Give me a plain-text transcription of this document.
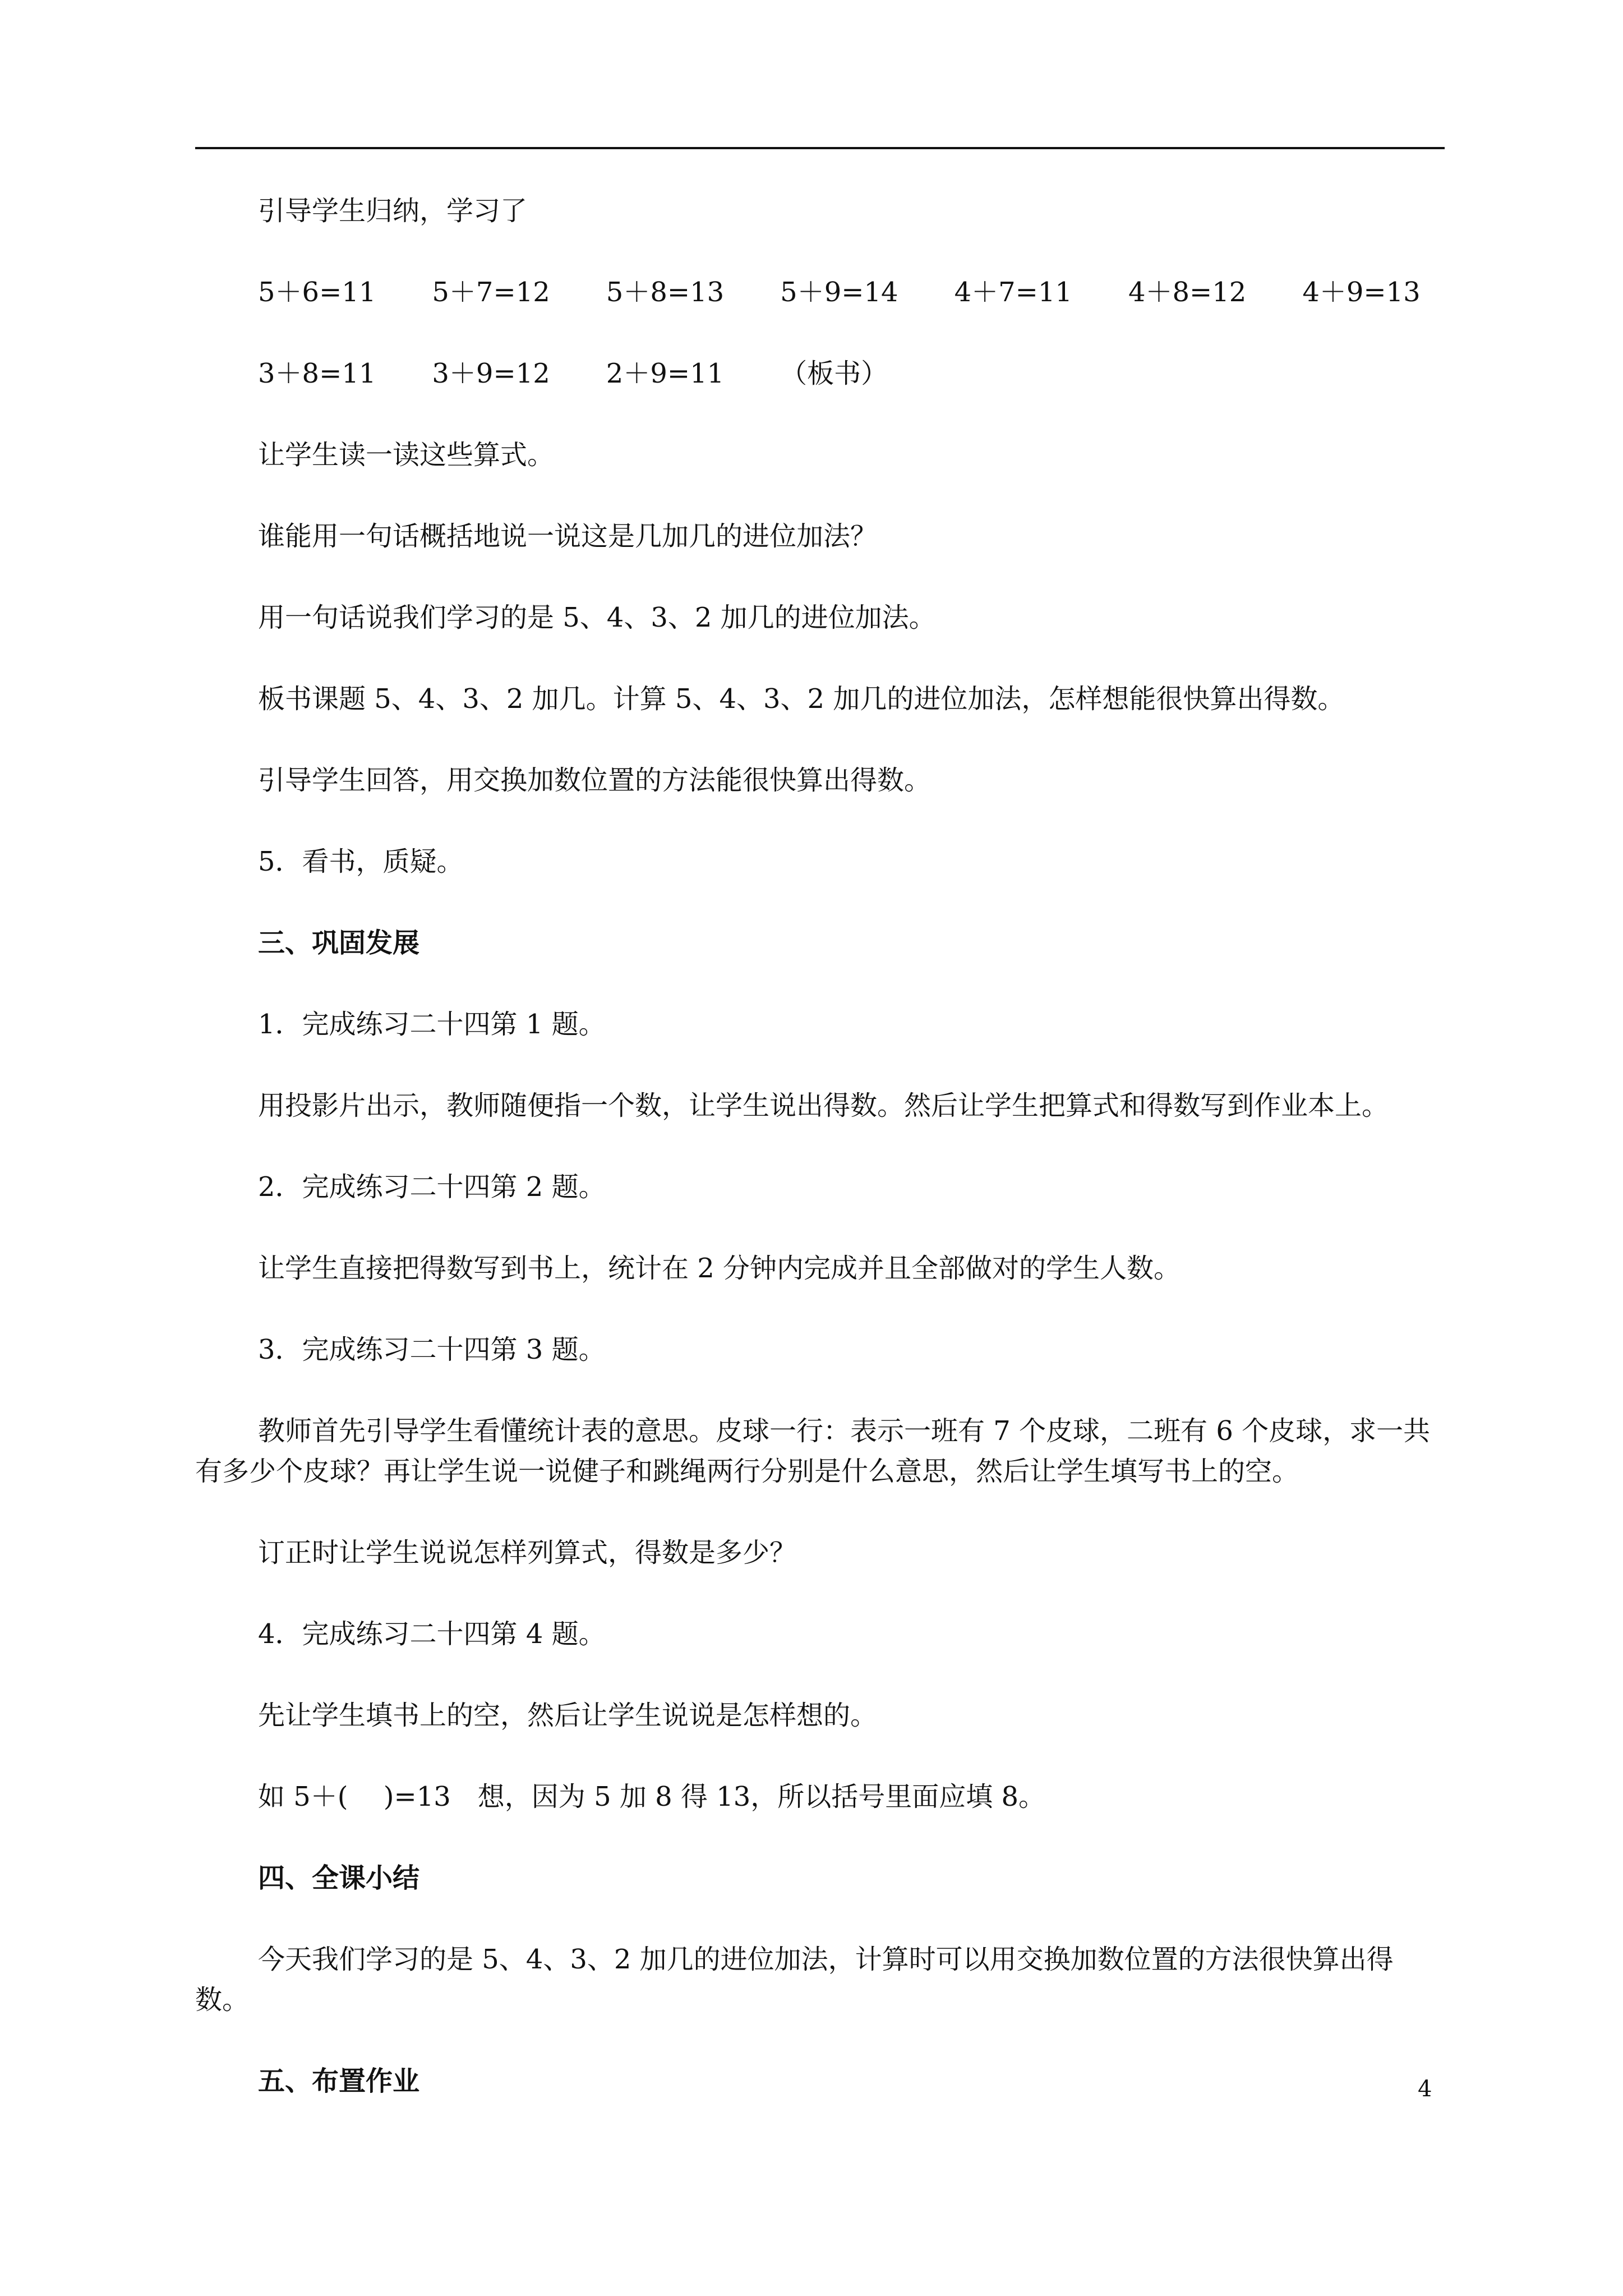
引导学生归纳，学习了

5＋6=11 5＋7=12 5＋8=13 5＋9=14 4＋7=11 4＋8=12 4＋9=13
3＋8=11 3＋9=12 2＋9=11 （板书）

让学生读一读这些算式。

谁能用一句话概括地说一说这是几加几的进位加法？

用一句话说我们学习的是 5、4、3、2 加几的进位加法。

板书课题 5、4、3、2 加几。计算 5、4、3、2 加几的进位加法，怎样想能很快算出得数。

引导学生回答，用交换加数位置的方法能很快算出得数。

5．看书，质疑。

三、巩固发展

1．完成练习二十四第 1 题。

用投影片出示，教师随便指一个数，让学生说出得数。然后让学生把算式和得数写到作业本上。

2．完成练习二十四第 2 题。

让学生直接把得数写到书上，统计在 2 分钟内完成并且全部做对的学生人数。

3．完成练习二十四第 3 题。

教师首先引导学生看懂统计表的意思。皮球一行：表示一班有 7 个皮球，二班有 6 个皮球，求一共有多少个皮球？再让学生说一说健子和跳绳两行分别是什么意思，然后让学生填写书上的空。

订正时让学生说说怎样列算式，得数是多少？

4．完成练习二十四第 4 题。

先让学生填书上的空，然后让学生说说是怎样想的。

如 5＋(　 )=13　想，因为 5 加 8 得 13，所以括号里面应填 8。

四、全课小结

今天我们学习的是 5、4、3、2 加几的进位加法，计算时可以用交换加数位置的方法很快算出得数。

五、布置作业	4
